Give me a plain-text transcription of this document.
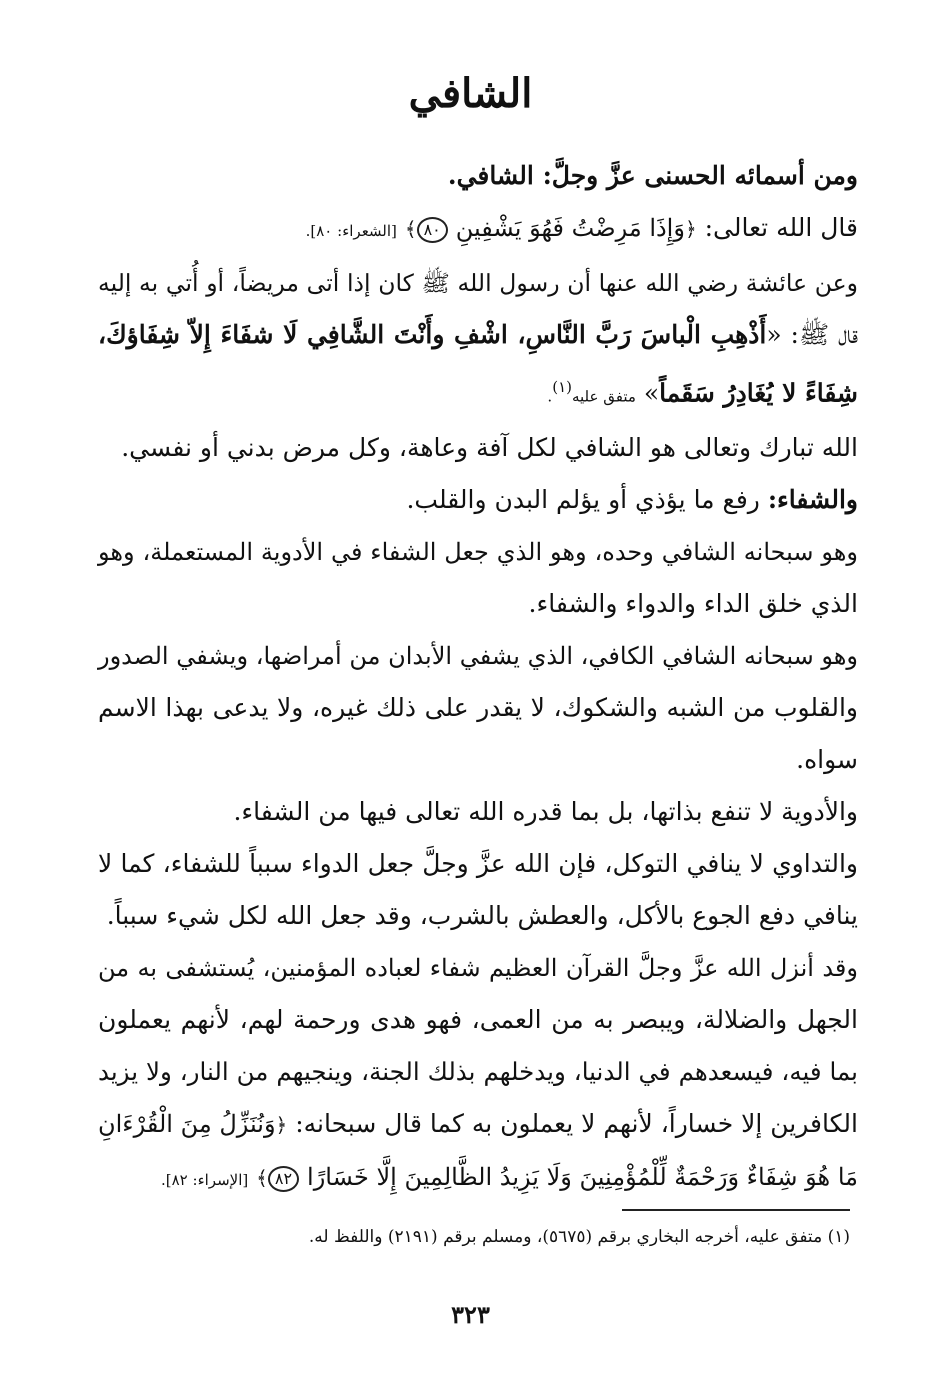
الشافي
ومن أسمائه الحسنى عزَّ وجلَّ: الشافي.
قال الله تعالى: ﴿وَإِذَا مَرِضْتُ فَهُوَ يَشْفِينِ ٨٠﴾ [الشعراء: ٨٠].
وعن عائشة رضي الله عنها أن رسول الله ﷺ كان إذا أتى مريضاً، أو أُتي به إليه
قال ﷺ: «أَذْهِبِ الْباسَ رَبَّ النَّاسِ، اشْفِ وأَنْتَ الشَّافِي لَا شفَاءَ إِلاّ شِفَاؤكَ،
شِفَاءً لا يُغَادِرُ سَقَماً» متفق عليه$^{(١)}$.
الله تبارك وتعالى هو الشافي لكل آفة وعاهة، وكل مرض بدني أو نفسي.
والشفاء: رفع ما يؤذي أو يؤلم البدن والقلب.
وهو سبحانه الشافي وحده، وهو الذي جعل الشفاء في الأدوية المستعملة، وهو
الذي خلق الداء والدواء والشفاء.
وهو سبحانه الشافي الكافي، الذي يشفي الأبدان من أمراضها، ويشفي الصدور
والقلوب من الشبه والشكوك، لا يقدر على ذلك غيره، ولا يدعى بهذا الاسم
سواه.
والأدوية لا تنفع بذاتها، بل بما قدره الله تعالى فيها من الشفاء.
والتداوي لا ينافي التوكل، فإن الله عزَّ وجلَّ جعل الدواء سبباً للشفاء، كما لا
ينافي دفع الجوع بالأكل، والعطش بالشرب، وقد جعل الله لكل شيء سبباً.
وقد أنزل الله عزَّ وجلَّ القرآن العظيم شفاء لعباده المؤمنين، يُستشفى به من
الجهل والضلالة، ويبصر به من العمى، فهو هدى ورحمة لهم، لأنهم يعملون
بما فيه، فيسعدهم في الدنيا، ويدخلهم بذلك الجنة، وينجيهم من النار، ولا يزيد
الكافرين إلا خساراً، لأنهم لا يعملون به كما قال سبحانه: ﴿وَنُنَزِّلُ مِنَ الْقُرْءَانِ
مَا هُوَ شِفَاءٌ وَرَحْمَةٌ لِّلْمُؤْمِنِينَ وَلَا يَزِيدُ الظَّالِمِينَ إِلَّا خَسَارًا ٨٢﴾ [الإسراء: ٨٢].
(١) متفق عليه، أخرجه البخاري برقم (٥٦٧٥)، ومسلم برقم (٢١٩١) واللفظ له.
٣٢٣
